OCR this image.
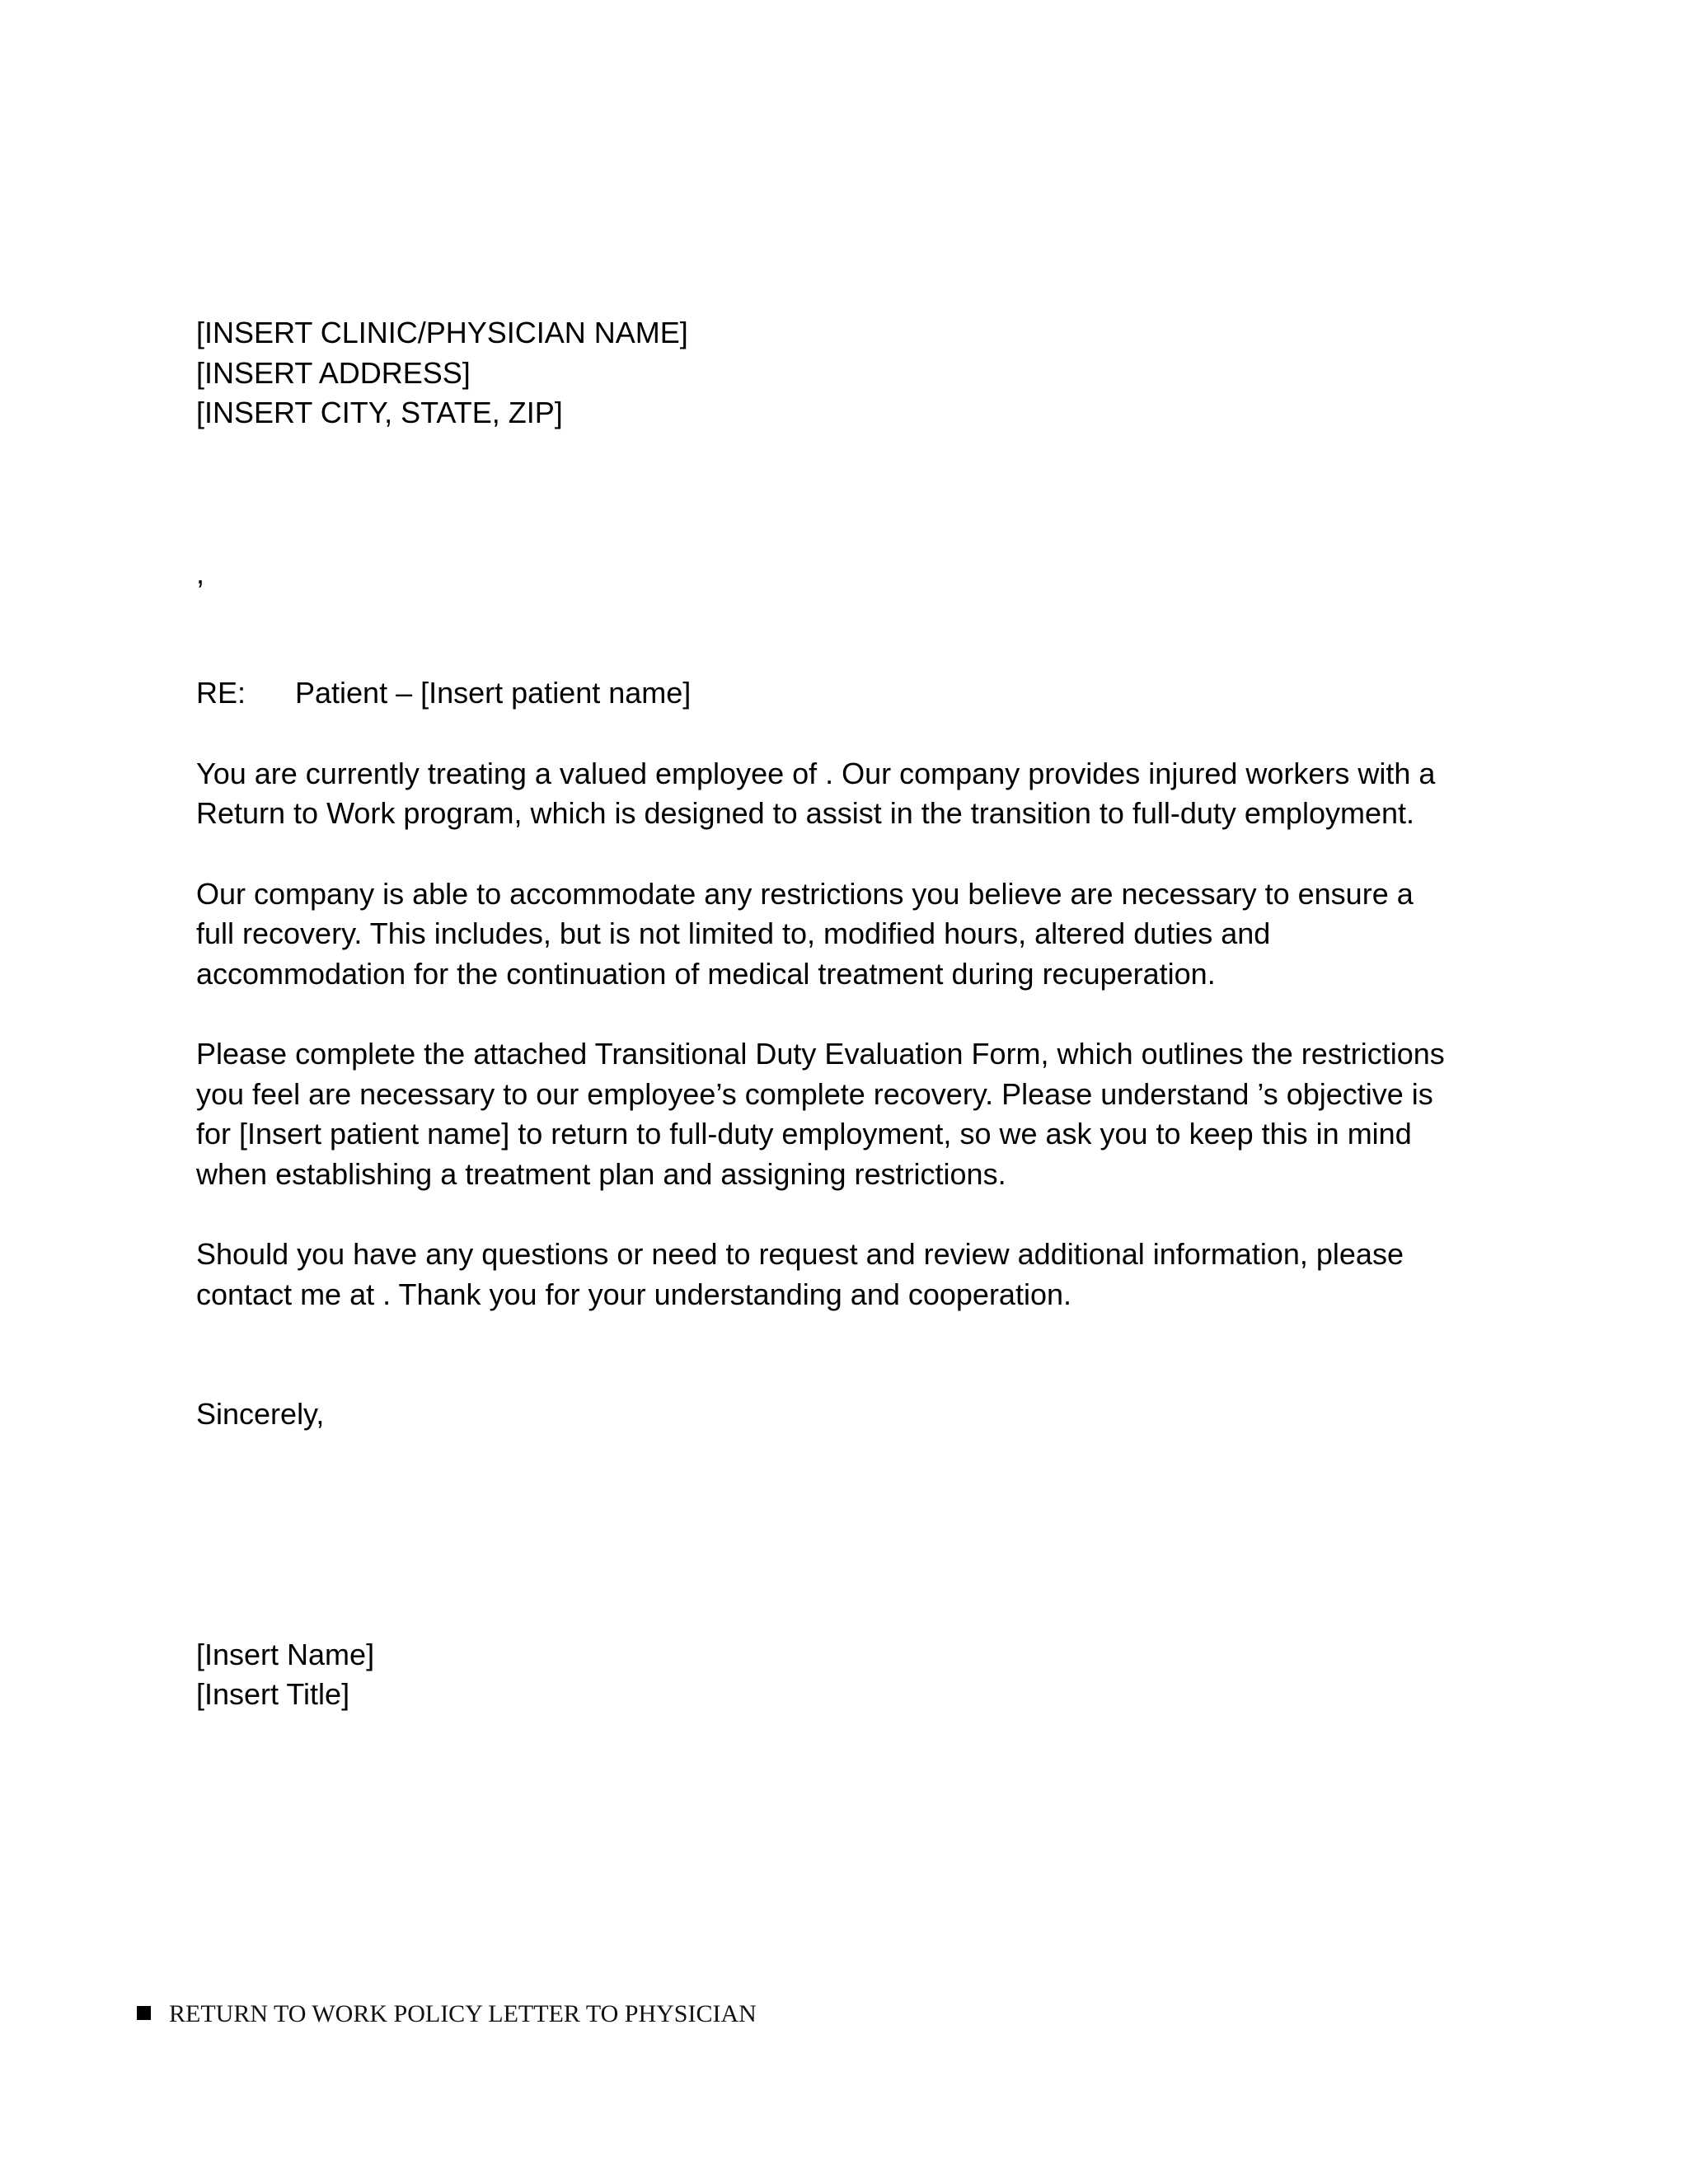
[INSERT CLINIC/PHYSICIAN NAME]
[INSERT ADDRESS]
[INSERT CITY, STATE, ZIP]
,
RE: Patient – [Insert patient name]
You are currently treating a valued employee of . Our company provides injured workers with a
Return to Work program, which is designed to assist in the transition to full-duty employment.
Our company is able to accommodate any restrictions you believe are necessary to ensure a
full recovery. This includes, but is not limited to, modified hours, altered duties and
accommodation for the continuation of medical treatment during recuperation.
Please complete the attached Transitional Duty Evaluation Form, which outlines the restrictions
you feel are necessary to our employee’s complete recovery. Please understand ’s objective is
for [Insert patient name] to return to full-duty employment, so we ask you to keep this in mind
when establishing a treatment plan and assigning restrictions.
Should you have any questions or need to request and review additional information, please
contact me at . Thank you for your understanding and cooperation.
Sincerely,
[Insert Name]
[Insert Title]
RETURN TO WORK POLICY LETTER TO PHYSICIAN
